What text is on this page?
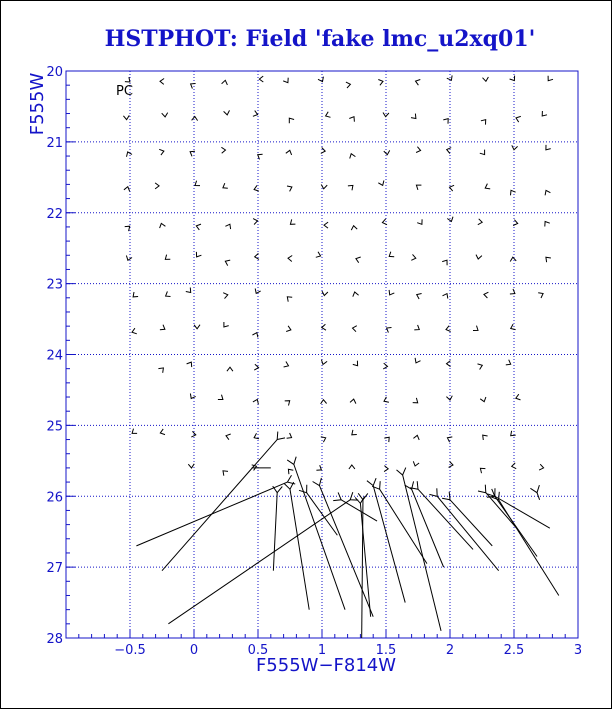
HSTPHOT: Field 'fake lmc_u2xq01'
−0.5	0	0.5	1	1.5	2	2.5	3
20
21
22
23
24
25
26
27
28
PC
F555W−F814W
F555W
